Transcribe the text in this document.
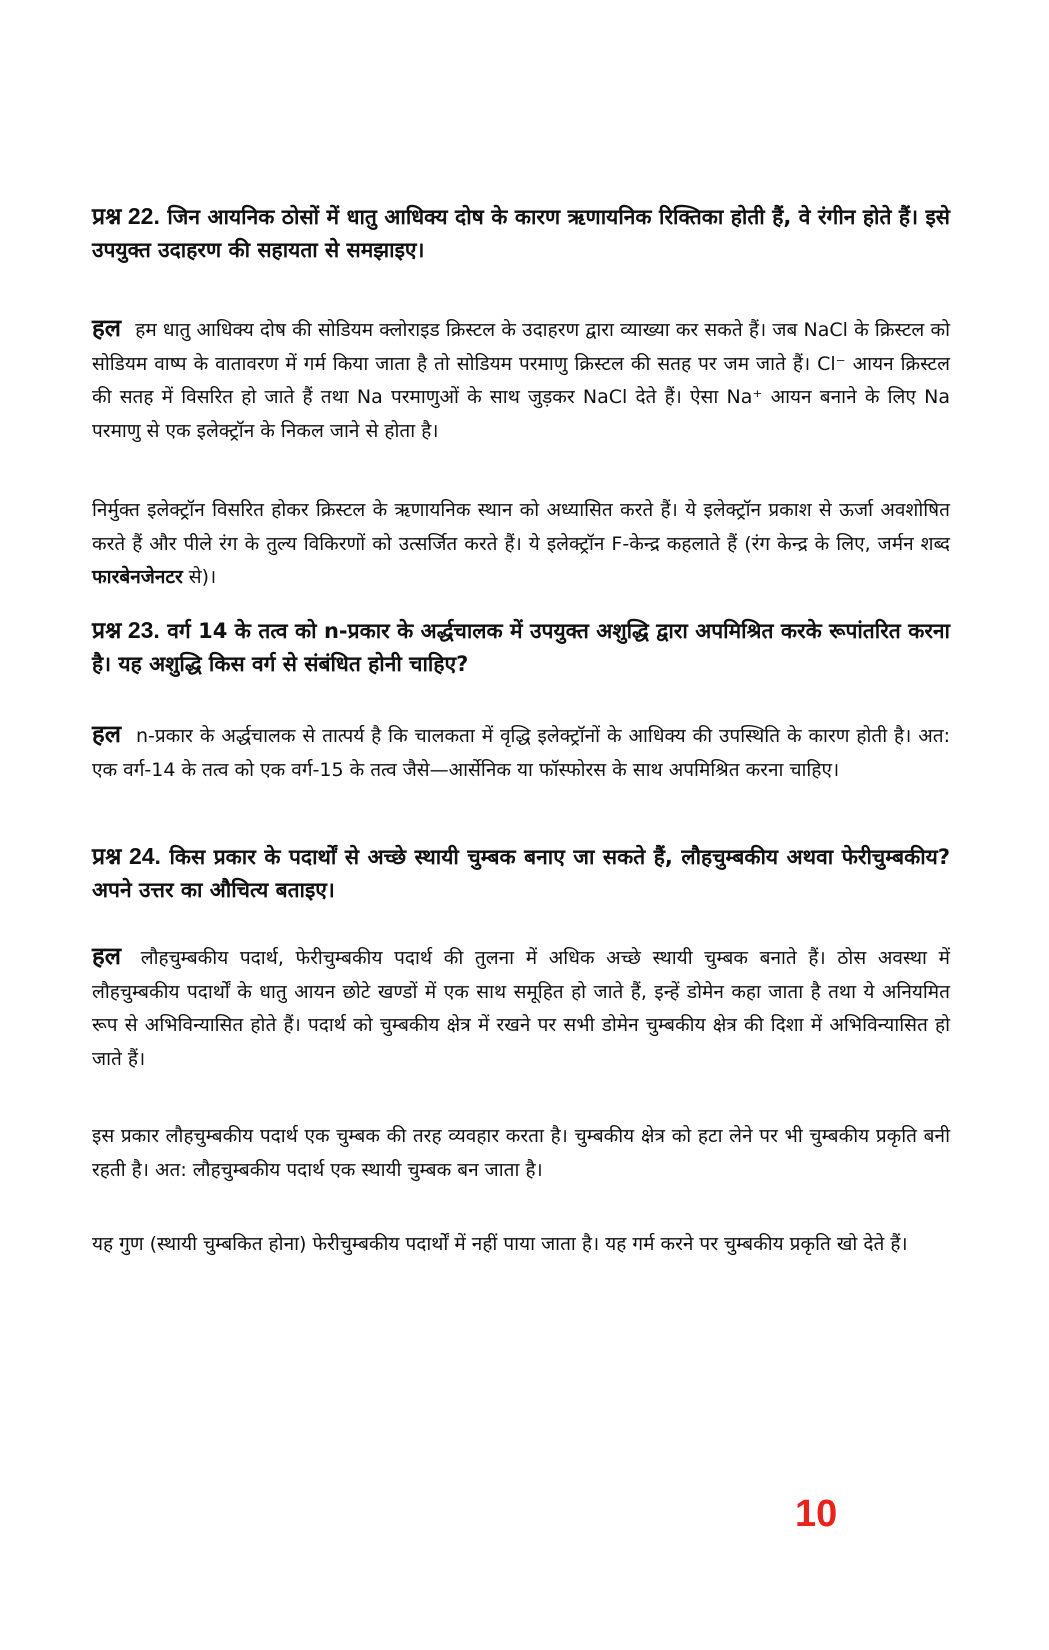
प्रश्न 22. जिन आयनिक ठोसों में धातु आधिक्य दोष के कारण ऋणायनिक रिक्तिका होती हैं, वे रंगीन होते हैं। इसे उपयुक्त उदाहरण की सहायता से समझाइए।

हल हम धातु आधिक्य दोष की सोडियम क्लोराइड क्रिस्टल के उदाहरण द्वारा व्याख्या कर सकते हैं। जब NaCl के क्रिस्टल को सोडियम वाष्प के वातावरण में गर्म किया जाता है तो सोडियम परमाणु क्रिस्टल की सतह पर जम जाते हैं। Cl⁻ आयन क्रिस्टल की सतह में विसरित हो जाते हैं तथा Na परमाणुओं के साथ जुड़कर NaCl देते हैं। ऐसा Na⁺ आयन बनाने के लिए Na परमाणु से एक इलेक्ट्रॉन के निकल जाने से होता है।

निर्मुक्त इलेक्ट्रॉन विसरित होकर क्रिस्टल के ऋणायनिक स्थान को अध्यासित करते हैं। ये इलेक्ट्रॉन प्रकाश से ऊर्जा अवशोषित करते हैं और पीले रंग के तुल्य विकिरणों को उत्सर्जित करते हैं। ये इलेक्ट्रॉन F-केन्द्र कहलाते हैं (रंग केन्द्र के लिए, जर्मन शब्द फारबेनजेनटर से)।

प्रश्न 23. वर्ग 14 के तत्व को n-प्रकार के अर्द्धचालक में उपयुक्त अशुद्धि द्वारा अपमिश्रित करके रूपांतरित करना है। यह अशुद्धि किस वर्ग से संबंधित होनी चाहिए?

हल n-प्रकार के अर्द्धचालक से तात्पर्य है कि चालकता में वृद्धि इलेक्ट्रॉनों के आधिक्य की उपस्थिति के कारण होती है। अत: एक वर्ग-14 के तत्व को एक वर्ग-15 के तत्व जैसे—आर्सेनिक या फॉस्फोरस के साथ अपमिश्रित करना चाहिए।

प्रश्न 24. किस प्रकार के पदार्थों से अच्छे स्थायी चुम्बक बनाए जा सकते हैं, लौहचुम्बकीय अथवा फेरीचुम्बकीय? अपने उत्तर का औचित्य बताइए।

हल लौहचुम्बकीय पदार्थ, फेरीचुम्बकीय पदार्थ की तुलना में अधिक अच्छे स्थायी चुम्बक बनाते हैं। ठोस अवस्था में लौहचुम्बकीय पदार्थों के धातु आयन छोटे खण्डों में एक साथ समूहित हो जाते हैं, इन्हें डोमेन कहा जाता है तथा ये अनियमित रूप से अभिविन्यासित होते हैं। पदार्थ को चुम्बकीय क्षेत्र में रखने पर सभी डोमेन चुम्बकीय क्षेत्र की दिशा में अभिविन्यासित हो जाते हैं।

इस प्रकार लौहचुम्बकीय पदार्थ एक चुम्बक की तरह व्यवहार करता है। चुम्बकीय क्षेत्र को हटा लेने पर भी चुम्बकीय प्रकृति बनी रहती है। अत: लौहचुम्बकीय पदार्थ एक स्थायी चुम्बक बन जाता है।

यह गुण (स्थायी चुम्बकित होना) फेरीचुम्बकीय पदार्थों में नहीं पाया जाता है। यह गर्म करने पर चुम्बकीय प्रकृति खो देते हैं।

10
